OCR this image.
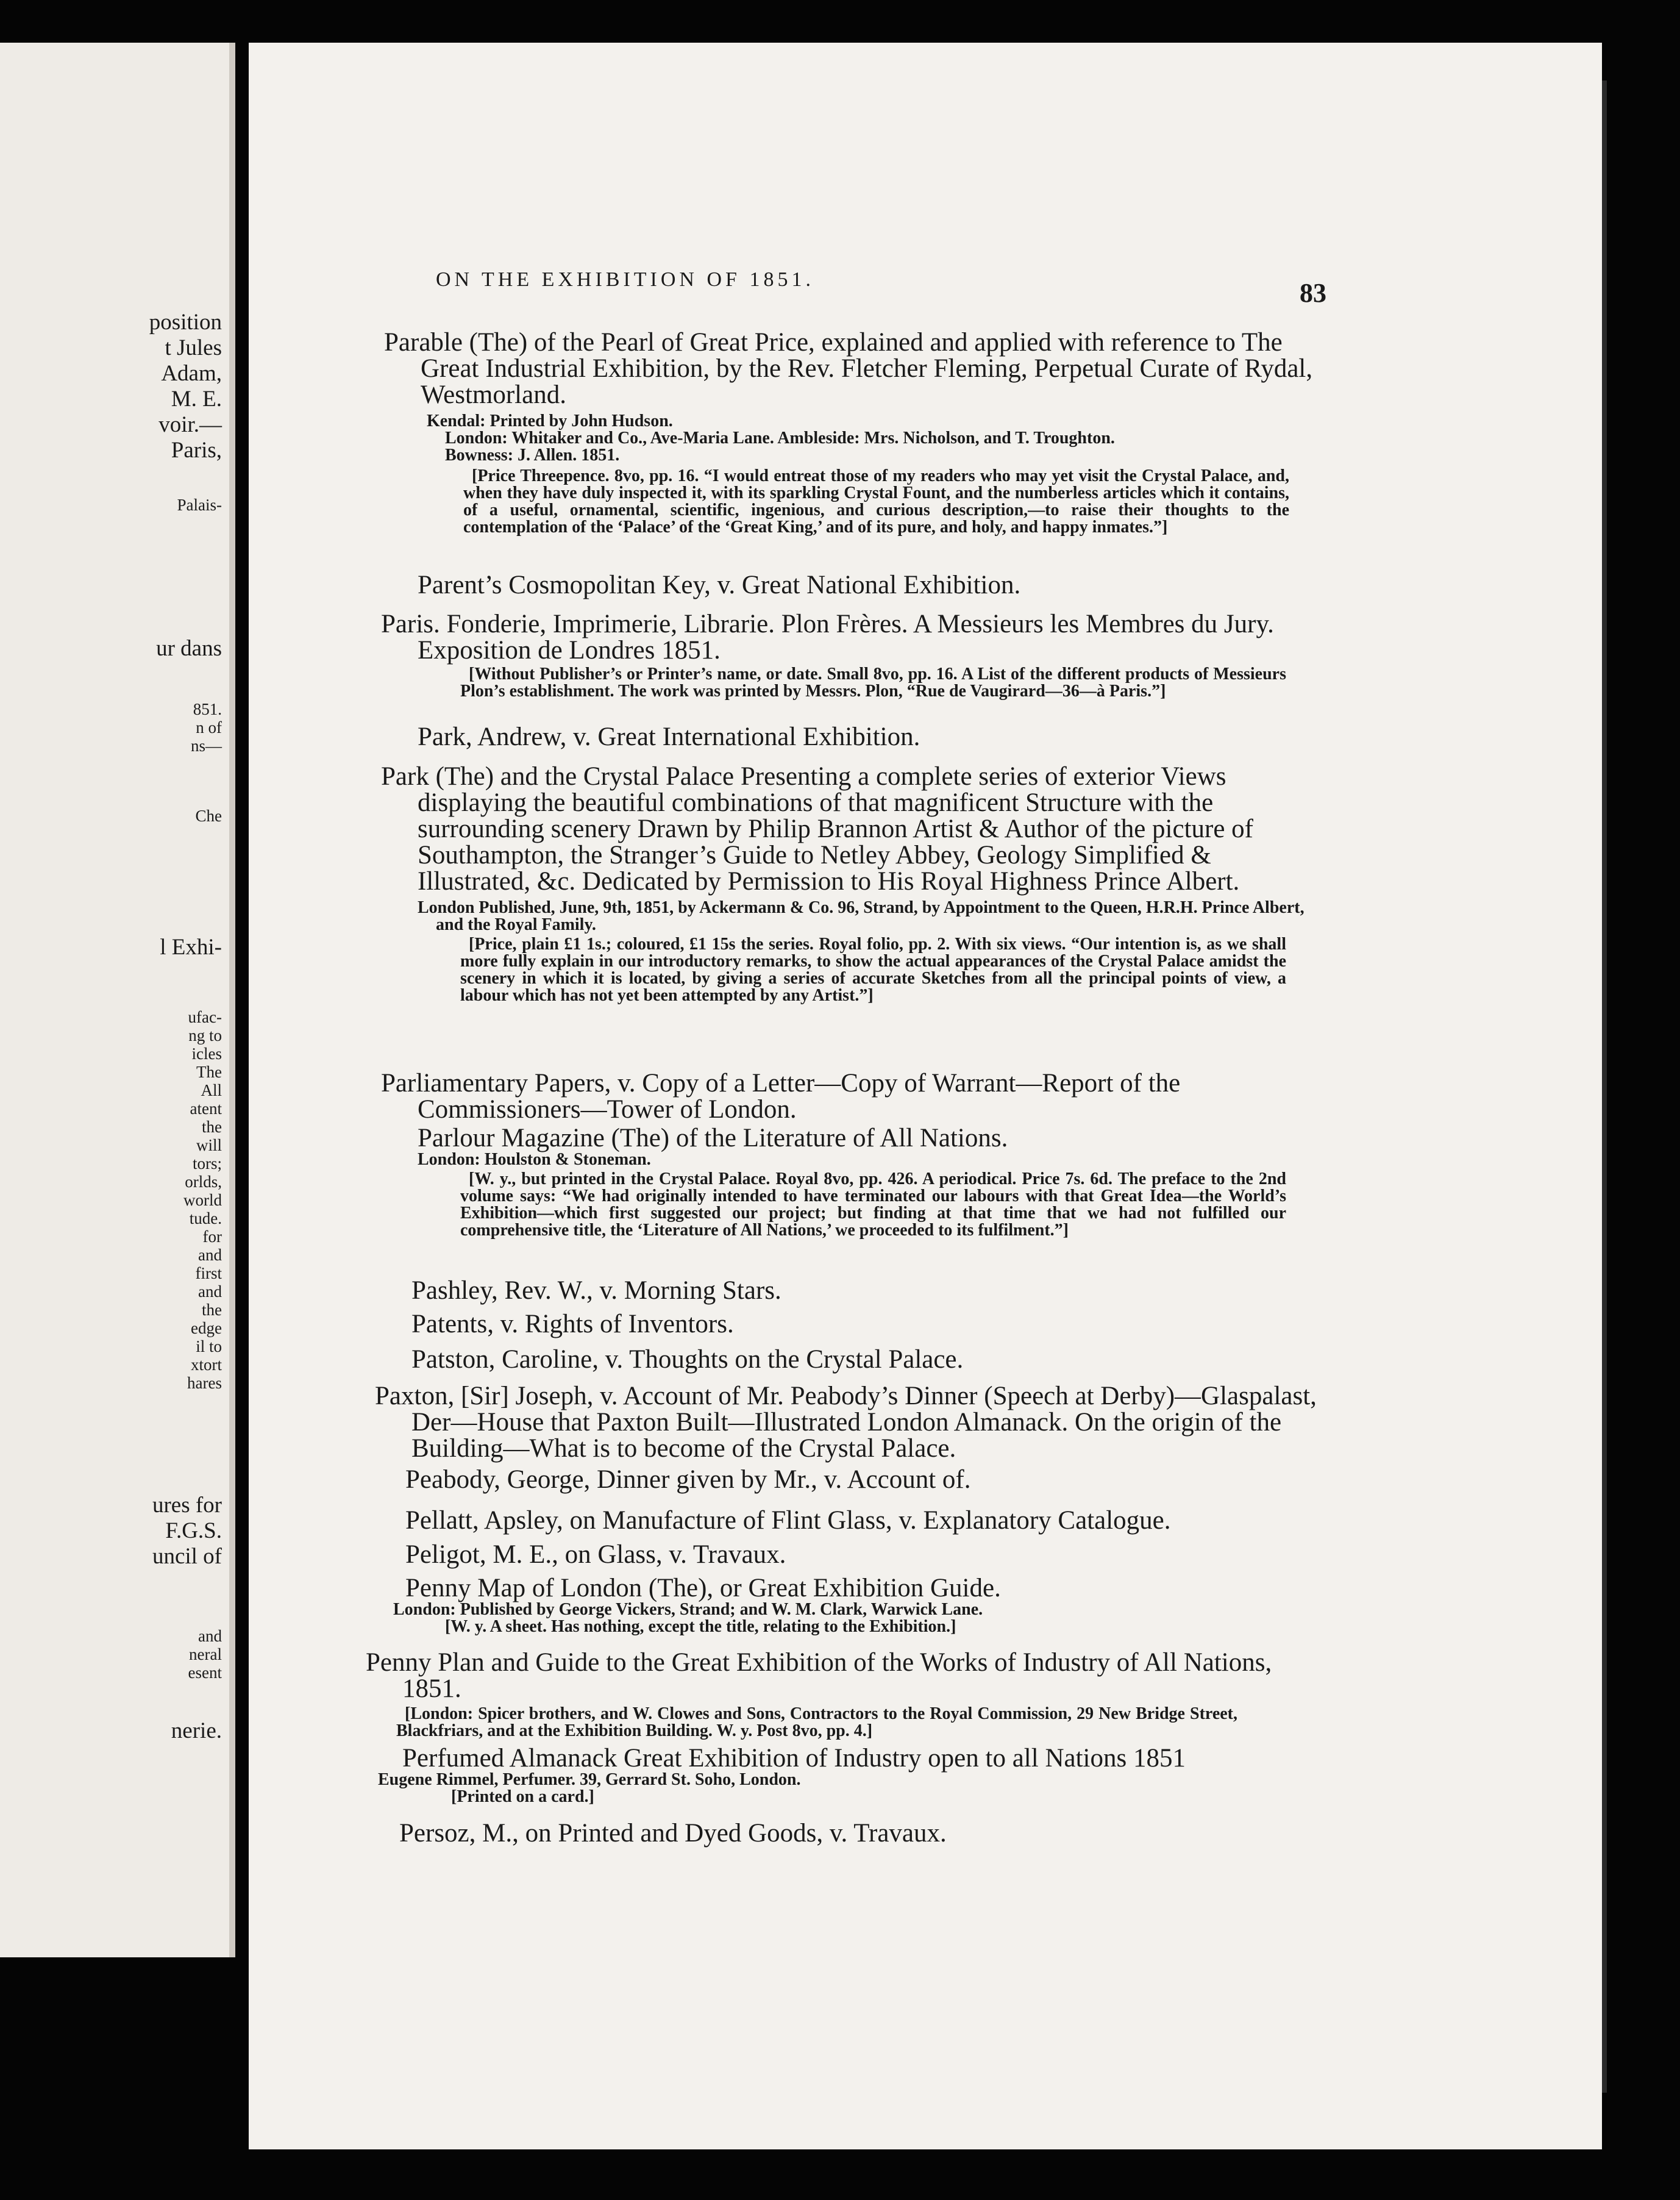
position
t Jules
Adam,
M. E.
voir.—
Paris,
Palais-
ur dans
851.
n of
ns—
Che
l Exhi-
ufac-
ng to
icles
The
All
atent
the
will
tors;
orlds,
world
tude.
for
and
first
and
the
edge
il to
xtort
hares
ures for
F.G.S.
uncil of
and
neral
esent
nerie.
ON THE EXHIBITION OF 1851.	83
Parable (The) of the Pearl of Great Price, explained and applied with reference to The Great Industrial Exhibition, by the Rev. Fletcher Fleming, Perpetual Curate of Rydal, Westmorland.
Kendal: Printed by John Hudson.
London: Whitaker and Co., Ave-Maria Lane. Ambleside: Mrs. Nicholson, and T. Troughton.
Bowness: J. Allen. 1851.
[Price Threepence. 8vo, pp. 16. “I would entreat those of my readers who may yet visit the Crystal Palace, and, when they have duly inspected it, with its sparkling Crystal Fount, and the numberless articles which it contains, of a useful, ornamental, scientific, ingenious, and curious description,—to raise their thoughts to the contemplation of the ‘Palace’ of the ‘Great King,’ and of its pure, and holy, and happy inmates.”]
Parent’s Cosmopolitan Key, v. Great National Exhibition.
Paris. Fonderie, Imprimerie, Librarie. Plon Frères. A Messieurs les Membres du Jury. Exposition de Londres 1851.
[Without Publisher’s or Printer’s name, or date. Small 8vo, pp. 16. A List of the different products of Messieurs Plon’s establishment. The work was printed by Messrs. Plon, “Rue de Vaugirard—36—à Paris.”]
Park, Andrew, v. Great International Exhibition.
Park (The) and the Crystal Palace Presenting a complete series of exterior Views displaying the beautiful combinations of that magnificent Structure with the surrounding scenery Drawn by Philip Brannon Artist & Author of the picture of Southampton, the Stranger’s Guide to Netley Abbey, Geology Simplified & Illustrated, &c. Dedicated by Permission to His Royal Highness Prince Albert.
London Published, June, 9th, 1851, by Ackermann & Co. 96, Strand, by Appointment to the Queen, H.R.H. Prince Albert, and the Royal Family.
[Price, plain £1 1s.; coloured, £1 15s the series. Royal folio, pp. 2. With six views. “Our intention is, as we shall more fully explain in our introductory remarks, to show the actual appearances of the Crystal Palace amidst the scenery in which it is located, by giving a series of accurate Sketches from all the principal points of view, a labour which has not yet been attempted by any Artist.”]
Parliamentary Papers, v. Copy of a Letter—Copy of Warrant—Report of the Commissioners—Tower of London.
Parlour Magazine (The) of the Literature of All Nations.
London: Houlston & Stoneman.
[W. y., but printed in the Crystal Palace. Royal 8vo, pp. 426. A periodical. Price 7s. 6d. The preface to the 2nd volume says: “We had originally intended to have terminated our labours with that Great Idea—the World’s Exhibition—which first suggested our project; but finding at that time that we had not fulfilled our comprehensive title, the ‘Literature of All Nations,’ we proceeded to its fulfilment.”]
Pashley, Rev. W., v. Morning Stars.
Patents, v. Rights of Inventors.
Patston, Caroline, v. Thoughts on the Crystal Palace.
Paxton, [Sir] Joseph, v. Account of Mr. Peabody’s Dinner (Speech at Derby)—Glaspalast, Der—House that Paxton Built—Illustrated London Almanack. On the origin of the Building—What is to become of the Crystal Palace.
Peabody, George, Dinner given by Mr., v. Account of.
Pellatt, Apsley, on Manufacture of Flint Glass, v. Explanatory Catalogue.
Peligot, M. E., on Glass, v. Travaux.
Penny Map of London (The), or Great Exhibition Guide.
London: Published by George Vickers, Strand; and W. M. Clark, Warwick Lane.
[W. y. A sheet. Has nothing, except the title, relating to the Exhibition.]
Penny Plan and Guide to the Great Exhibition of the Works of Industry of All Nations, 1851.
[London: Spicer brothers, and W. Clowes and Sons, Contractors to the Royal Commission, 29 New Bridge Street, Blackfriars, and at the Exhibition Building. W. y. Post 8vo, pp. 4.]
Perfumed Almanack Great Exhibition of Industry open to all Nations 1851
Eugene Rimmel, Perfumer. 39, Gerrard St. Soho, London.
[Printed on a card.]
Persoz, M., on Printed and Dyed Goods, v. Travaux.
